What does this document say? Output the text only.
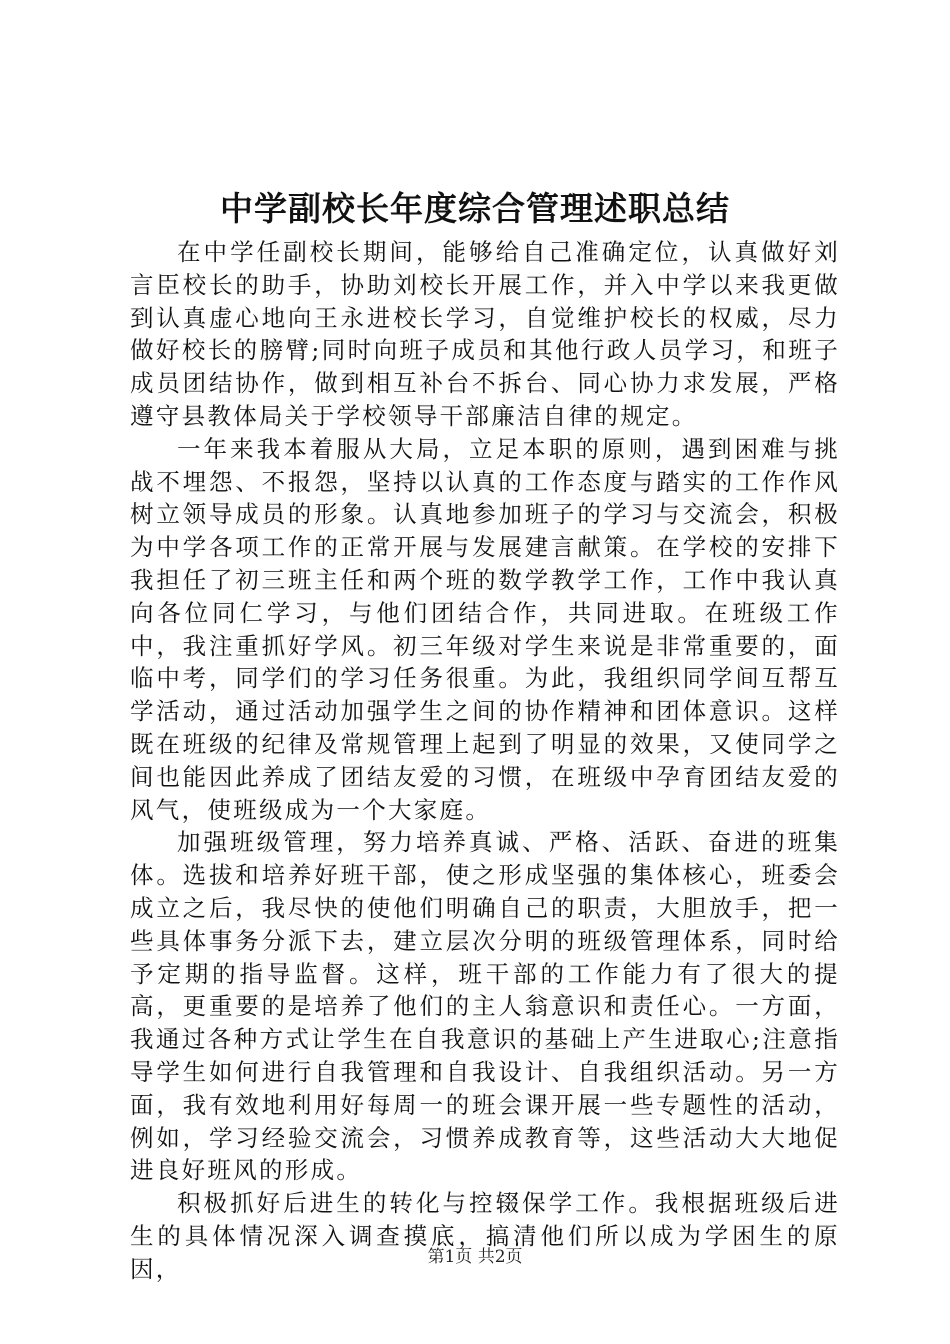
中学副校长年度综合管理述职总结

在中学任副校长期间，能够给自己准确定位，认真做好刘言臣校长的助手，协助刘校长开展工作，并入中学以来我更做到认真虚心地向王永进校长学习，自觉维护校长的权威，尽力做好校长的膀臂;同时向班子成员和其他行政人员学习，和班子成员团结协作，做到相互补台不拆台、同心协力求发展，严格遵守县教体局关于学校领导干部廉洁自律的规定。

一年来我本着服从大局，立足本职的原则，遇到困难与挑战不埋怨、不报怨，坚持以认真的工作态度与踏实的工作作风树立领导成员的形象。认真地参加班子的学习与交流会，积极为中学各项工作的正常开展与发展建言献策。在学校的安排下我担任了初三班主任和两个班的数学教学工作，工作中我认真向各位同仁学习，与他们团结合作，共同进取。在班级工作中，我注重抓好学风。初三年级对学生来说是非常重要的，面临中考，同学们的学习任务很重。为此，我组织同学间互帮互学活动，通过活动加强学生之间的协作精神和团体意识。这样既在班级的纪律及常规管理上起到了明显的效果，又使同学之间也能因此养成了团结友爱的习惯，在班级中孕育团结友爱的风气，使班级成为一个大家庭。

加强班级管理，努力培养真诚、严格、活跃、奋进的班集体。选拔和培养好班干部，使之形成坚强的集体核心，班委会成立之后，我尽快的使他们明确自己的职责，大胆放手，把一些具体事务分派下去，建立层次分明的班级管理体系，同时给予定期的指导监督。这样，班干部的工作能力有了很大的提高，更重要的是培养了他们的主人翁意识和责任心。一方面，我通过各种方式让学生在自我意识的基础上产生进取心;注意指导学生如何进行自我管理和自我设计、自我组织活动。另一方面，我有效地利用好每周一的班会课开展一些专题性的活动，例如，学习经验交流会，习惯养成教育等，这些活动大大地促进良好班风的形成。

积极抓好后进生的转化与控辍保学工作。我根据班级后进生的具体情况深入调查摸底，搞清他们所以成为学困生的原因，	第1页 共2页
